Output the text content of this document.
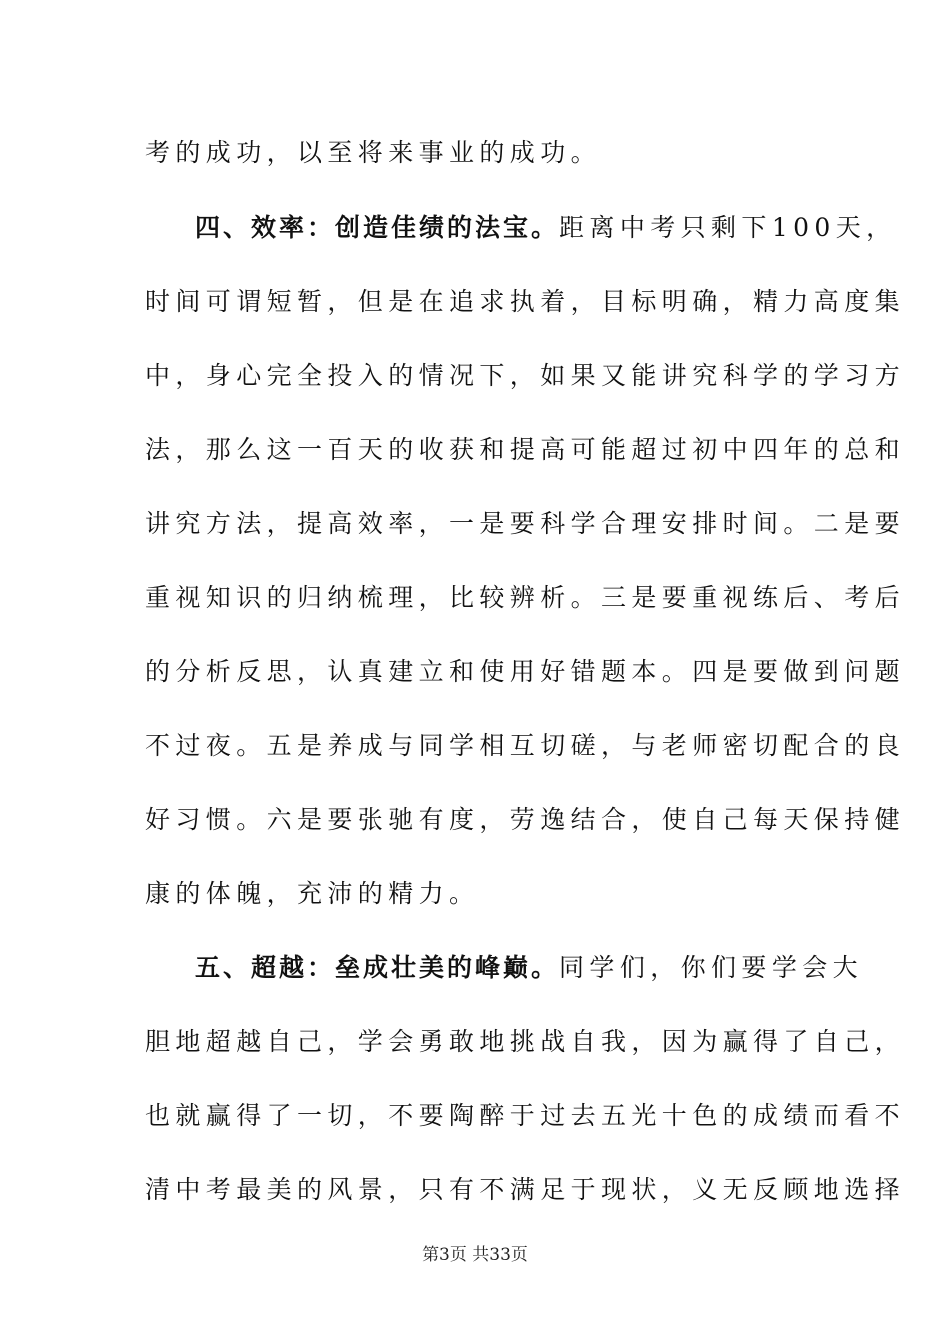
考的成功，以至将来事业的成功。
四、效率：创造佳绩的法宝。距离中考只剩下100天，
时间可谓短暂，但是在追求执着，目标明确，精力高度集
中，身心完全投入的情况下，如果又能讲究科学的学习方
法，那么这一百天的收获和提高可能超过初中四年的总和
讲究方法，提高效率，一是要科学合理安排时间。二是要
重视知识的归纳梳理，比较辨析。三是要重视练后、考后
的分析反思，认真建立和使用好错题本。四是要做到问题
不过夜。五是养成与同学相互切磋，与老师密切配合的良
好习惯。六是要张驰有度，劳逸结合，使自己每天保持健
康的体魄，充沛的精力。
五、超越：垒成壮美的峰巅。同学们，你们要学会大
胆地超越自己，学会勇敢地挑战自我，因为赢得了自己，
也就赢得了一切，不要陶醉于过去五光十色的成绩而看不
清中考最美的风景，只有不满足于现状，义无反顾地选择
第3页 共33页
